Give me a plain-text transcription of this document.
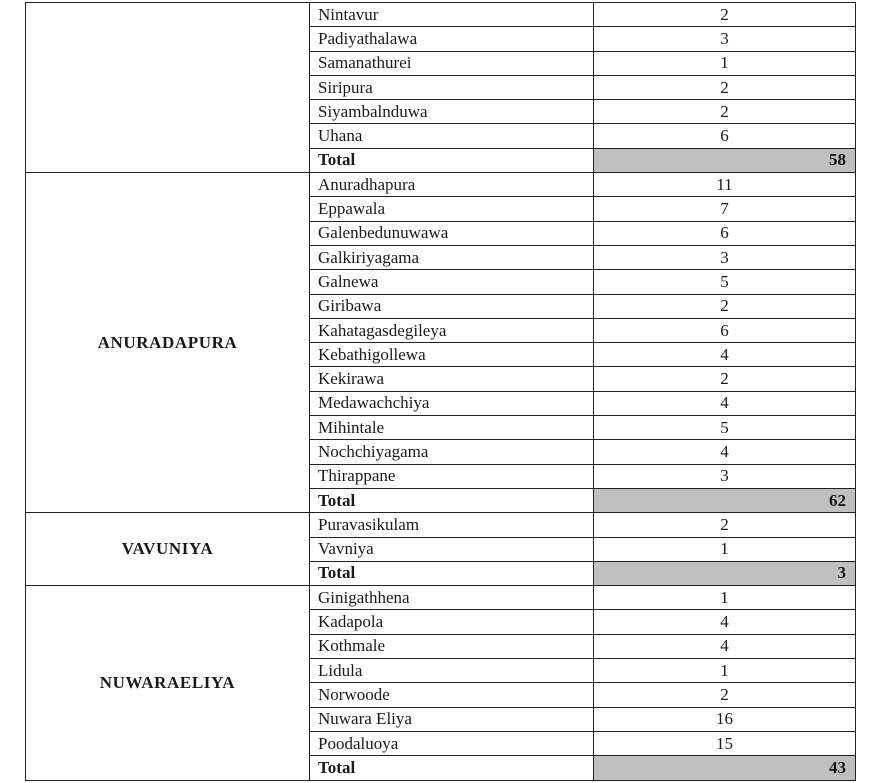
	Nintavur	2
	Padiyathalawa	3
	Samanathurei	1
	Siripura	2
	Siyambalnduwa	2
	Uhana	6
	Total	58
ANURADAPURA	Anuradhapura	11
	Eppawala	7
	Galenbedunuwawa	6
	Galkiriyagama	3
	Galnewa	5
	Giribawa	2
	Kahatagasdegileya	6
	Kebathigollewa	4
	Kekirawa	2
	Medawachchiya	4
	Mihintale	5
	Nochchiyagama	4
	Thirappane	3
	Total	62
VAVUNIYA	Puravasikulam	2
	Vavniya	1
	Total	3
NUWARAELIYA	Ginigathhena	1
	Kadapola	4
	Kothmale	4
	Lidula	1
	Norwoode	2
	Nuwara Eliya	16
	Poodaluoya	15
	Total	43
